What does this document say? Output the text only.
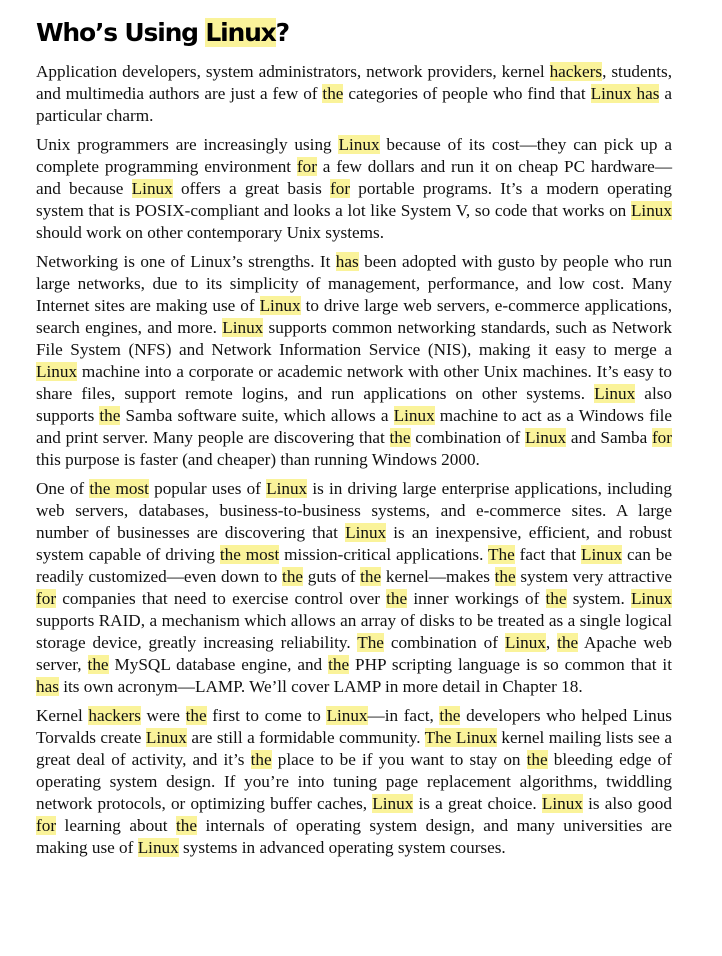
Who’s Using Linux?

Application developers, system administrators, network providers, kernel hackers, students, and multimedia authors are just a few of the categories of people who find that Linux has a particular charm.

Unix programmers are increasingly using Linux because of its cost—they can pick up a complete programming environment for a few dollars and run it on cheap PC hardware—and because Linux offers a great basis for portable programs. It’s a modern operating system that is POSIX-compliant and looks a lot like System V, so code that works on Linux should work on other contemporary Unix systems.

Networking is one of Linux’s strengths. It has been adopted with gusto by people who run large networks, due to its simplicity of management, performance, and low cost. Many Internet sites are making use of Linux to drive large web servers, e-commerce applications, search engines, and more. Linux supports common networking standards, such as Network File System (NFS) and Network Information Service (NIS), making it easy to merge a Linux machine into a corporate or academic network with other Unix machines. It’s easy to share files, support remote logins, and run applications on other systems. Linux also supports the Samba software suite, which allows a Linux machine to act as a Windows file and print server. Many people are discovering that the combination of Linux and Samba for this purpose is faster (and cheaper) than running Windows 2000.

One of the most popular uses of Linux is in driving large enterprise applications, including web servers, databases, business-to-business systems, and e-commerce sites. A large number of businesses are discovering that Linux is an inexpensive, efficient, and robust system capable of driving the most mission-critical applications. The fact that Linux can be readily customized—even down to the guts of the kernel—makes the system very attractive for companies that need to exercise control over the inner workings of the system. Linux supports RAID, a mechanism which allows an array of disks to be treated as a single logical storage device, greatly increasing reliability. The combination of Linux, the Apache web server, the MySQL database engine, and the PHP scripting language is so common that it has its own acronym—LAMP. We’ll cover LAMP in more detail in Chapter 18.

Kernel hackers were the first to come to Linux—in fact, the developers who helped Linus Torvalds create Linux are still a formidable community. The Linux kernel mailing lists see a great deal of activity, and it’s the place to be if you want to stay on the bleeding edge of operating system design. If you’re into tuning page replacement algorithms, twiddling network protocols, or optimizing buffer caches, Linux is a great choice. Linux is also good for learning about the internals of operating system design, and many universities are making use of Linux systems in advanced operating system courses.
